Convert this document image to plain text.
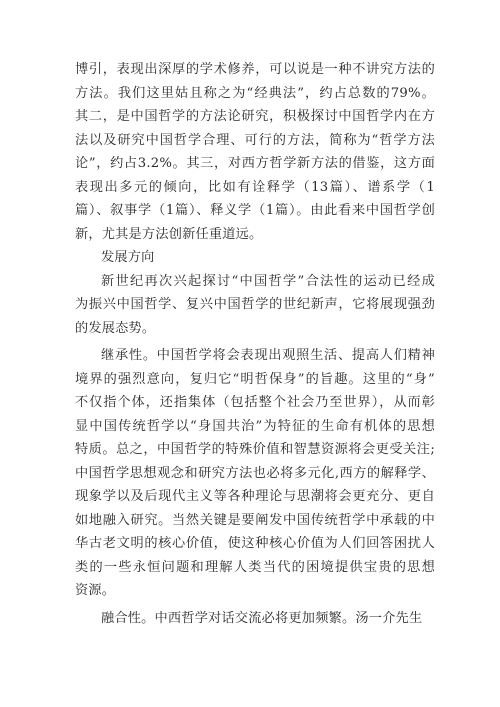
博引，表现出深厚的学术修养，可以说是一种不讲究方法的
方法。我们这里姑且称之为“经典法”，约占总数的79%。
其二，是中国哲学的方法论研究，积极探讨中国哲学内在方
法以及研究中国哲学合理、可行的方法，简称为“哲学方法
论”，约占3.2%。其三，对西方哲学新方法的借鉴，这方面
表现出多元的倾向，比如有诠释学（13篇）、谱系学（1
篇）、叙事学（1篇）、释义学（1篇）。由此看来中国哲学创
新，尤其是方法创新任重道远。

发展方向

新世纪再次兴起探讨“中国哲学”合法性的运动已经成
为振兴中国哲学、复兴中国哲学的世纪新声，它将展现强劲
的发展态势。

继承性。中国哲学将会表现出观照生活、提高人们精神
境界的强烈意向，复归它“明哲保身”的旨趣。这里的“身”
不仅指个体，还指集体（包括整个社会乃至世界），从而彰
显中国传统哲学以“身国共治”为特征的生命有机体的思想
特质。总之，中国哲学的特殊价值和智慧资源将会更受关注;
中国哲学思想观念和研究方法也必将多元化,西方的解释学、
现象学以及后现代主义等各种理论与思潮将会更充分、更自
如地融入研究。当然关键是要阐发中国传统哲学中承载的中
华古老文明的核心价值，使这种核心价值为人们回答困扰人
类的一些永恒问题和理解人类当代的困境提供宝贵的思想
资源。

融合性。中西哲学对话交流必将更加频繁。汤一介先生
